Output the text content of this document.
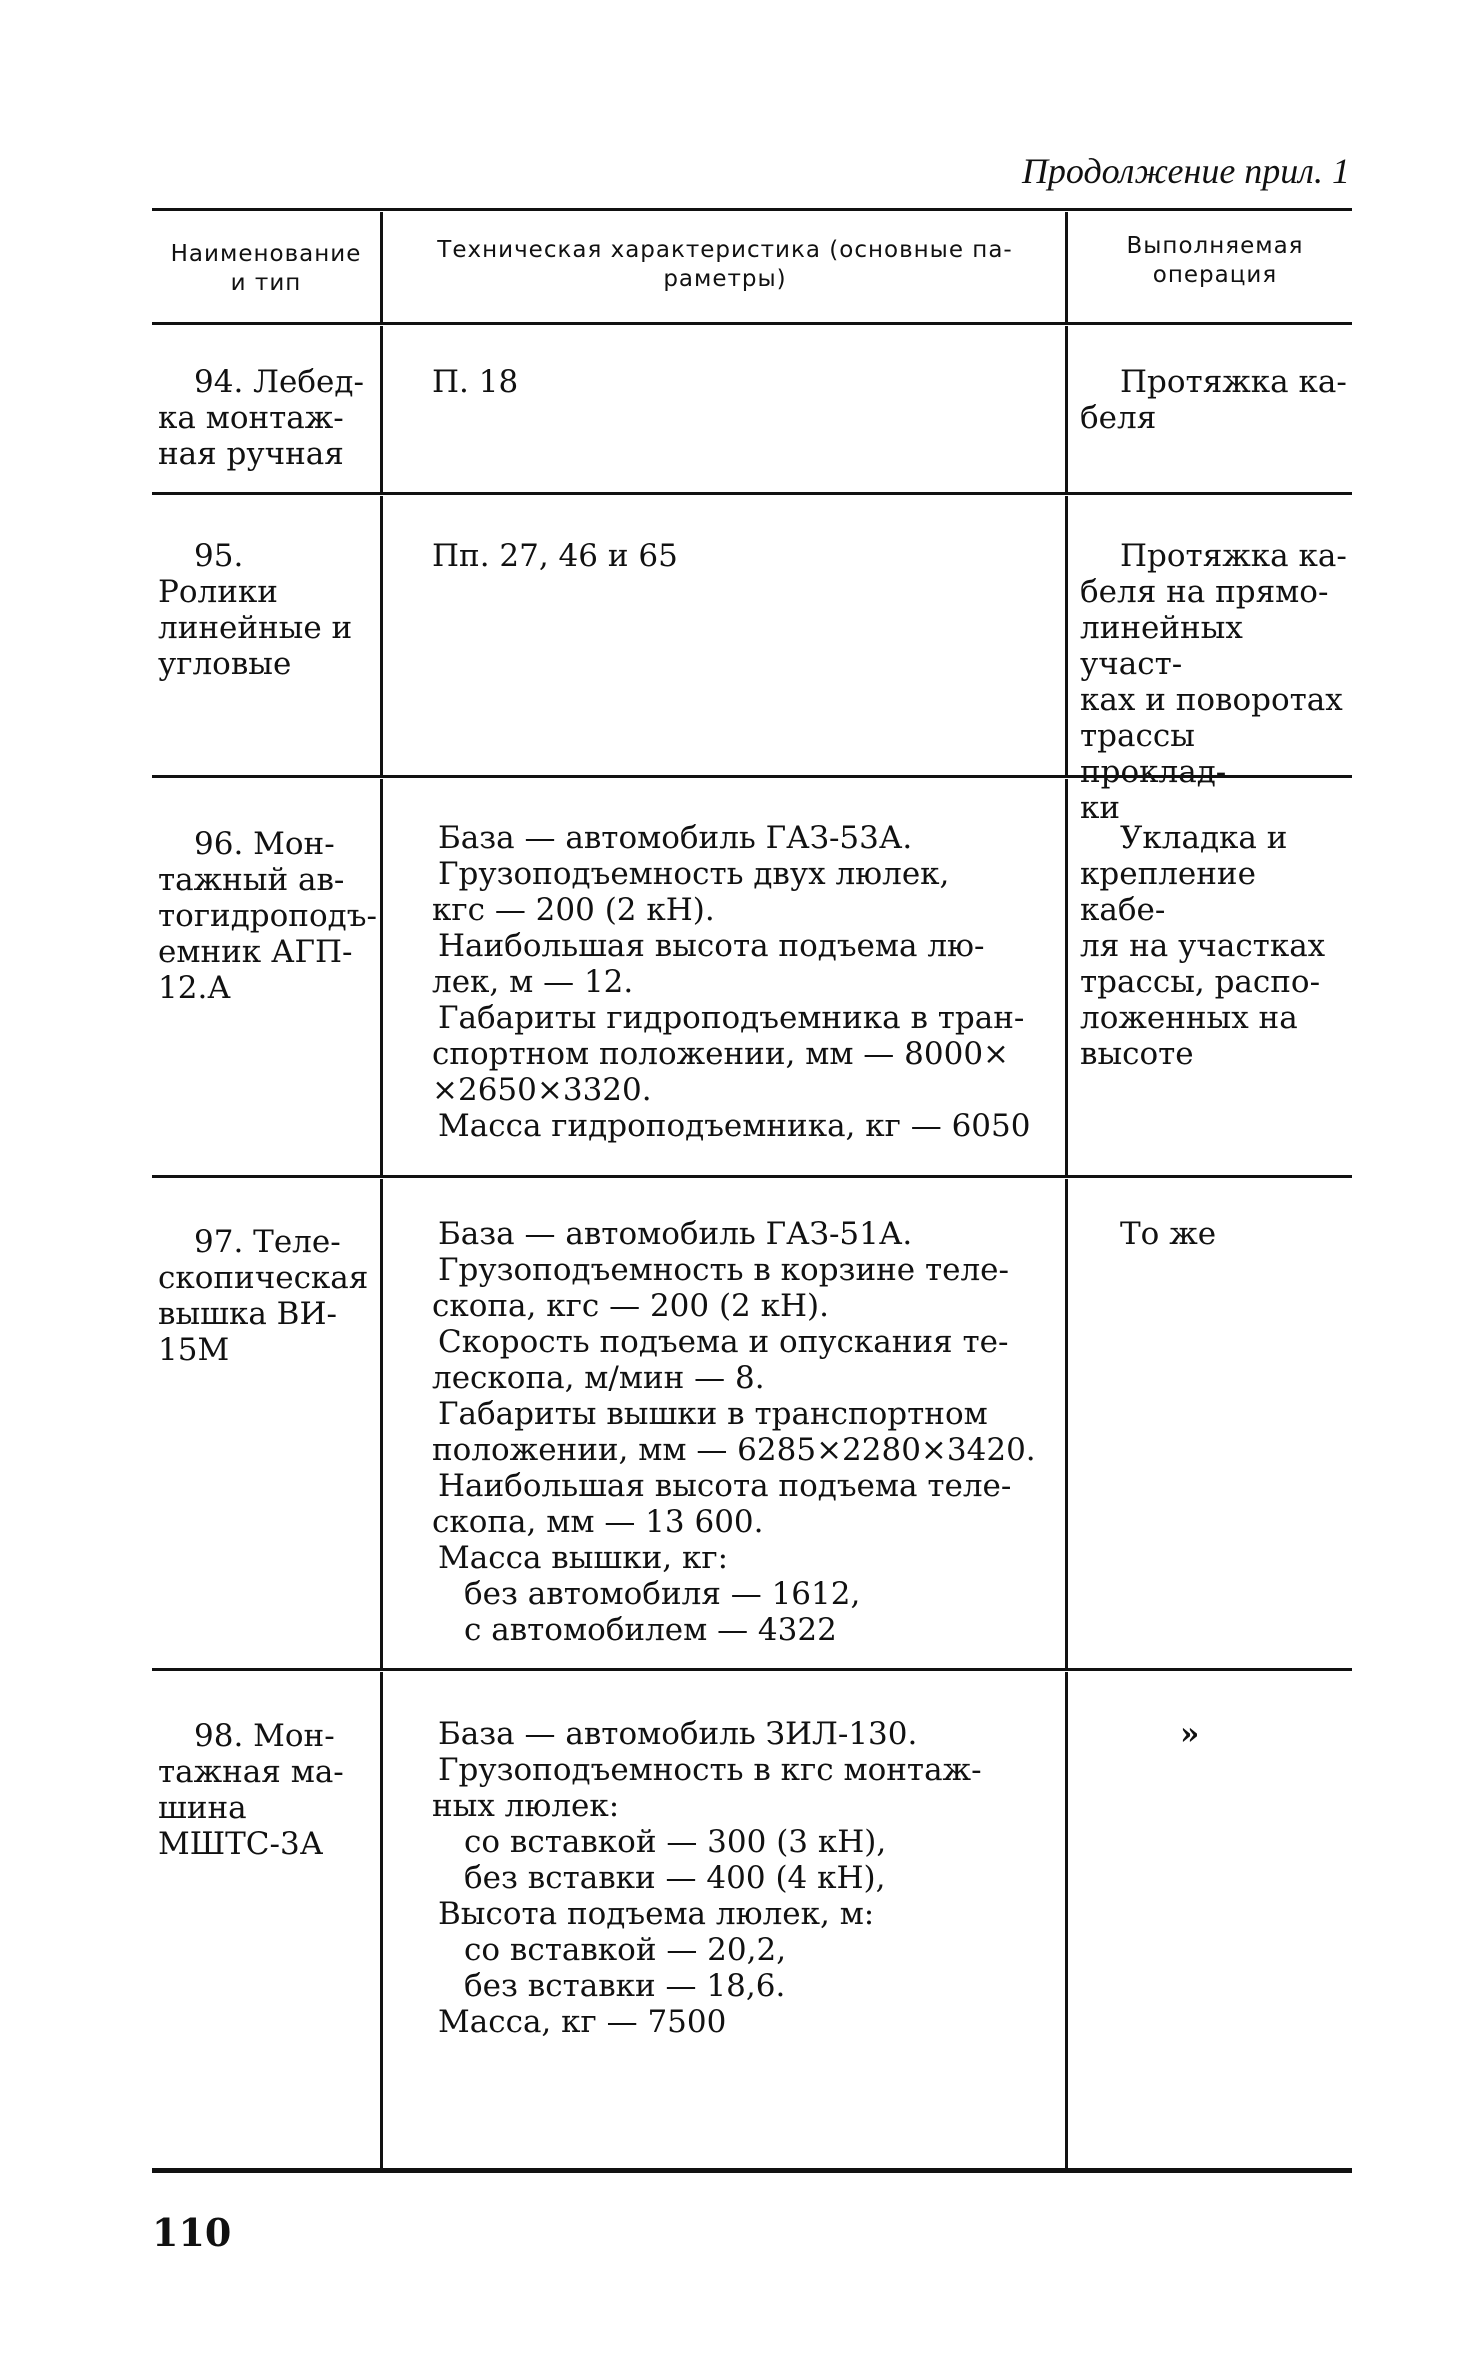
Продолжение прил. 1
Наименование
и тип
Техническая характеристика (основные па-
раметры)
Выполняемая
операция
94. Лебед-
ка монтаж-
ная ручная
П. 18	Протяжка ка-
беля
95. Ролики
линейные и
угловые
Пп. 27, 46 и 65	Протяжка ка-
беля на прямо-
линейных участ-
ках и поворотах
трассы проклад-
ки
96. Мон-
тажный ав-
тогидроподъ-
емник АГП-
12.А
База — автомобиль ГАЗ-53А.
Грузоподъемность двух люлек,
кгс — 200 (2 кН).
Наибольшая высота подъема лю-
лек, м — 12.
Габариты гидроподъемника в тран-
спортном положении, мм — 8000×
×2650×3320.
Масса гидроподъемника, кг — 6050
Укладка и
крепление кабе-
ля на участках
трассы, распо-
ложенных на
высоте
97. Теле-
скопическая
вышка ВИ-
15М
База — автомобиль ГАЗ-51А.
Грузоподъемность в корзине теле-
скопа, кгс — 200 (2 кН).
Скорость подъема и опускания те-
лескопа, м/мин — 8.
Габариты вышки в транспортном
положении, мм — 6285×2280×3420.
Наибольшая высота подъема теле-
скопа, мм — 13 600.
Масса вышки, кг:
без автомобиля — 1612,
с автомобилем — 4322
То же
98. Мон-
тажная ма-
шина
МШТС-3А
База — автомобиль ЗИЛ-130.
Грузоподъемность в кгс монтаж-
ных люлек:
со вставкой — 300 (3 кН),
без вставки — 400 (4 кН),
Высота подъема люлек, м:
со вставкой — 20,2,
без вставки — 18,6.
Масса, кг — 7500
»
110
